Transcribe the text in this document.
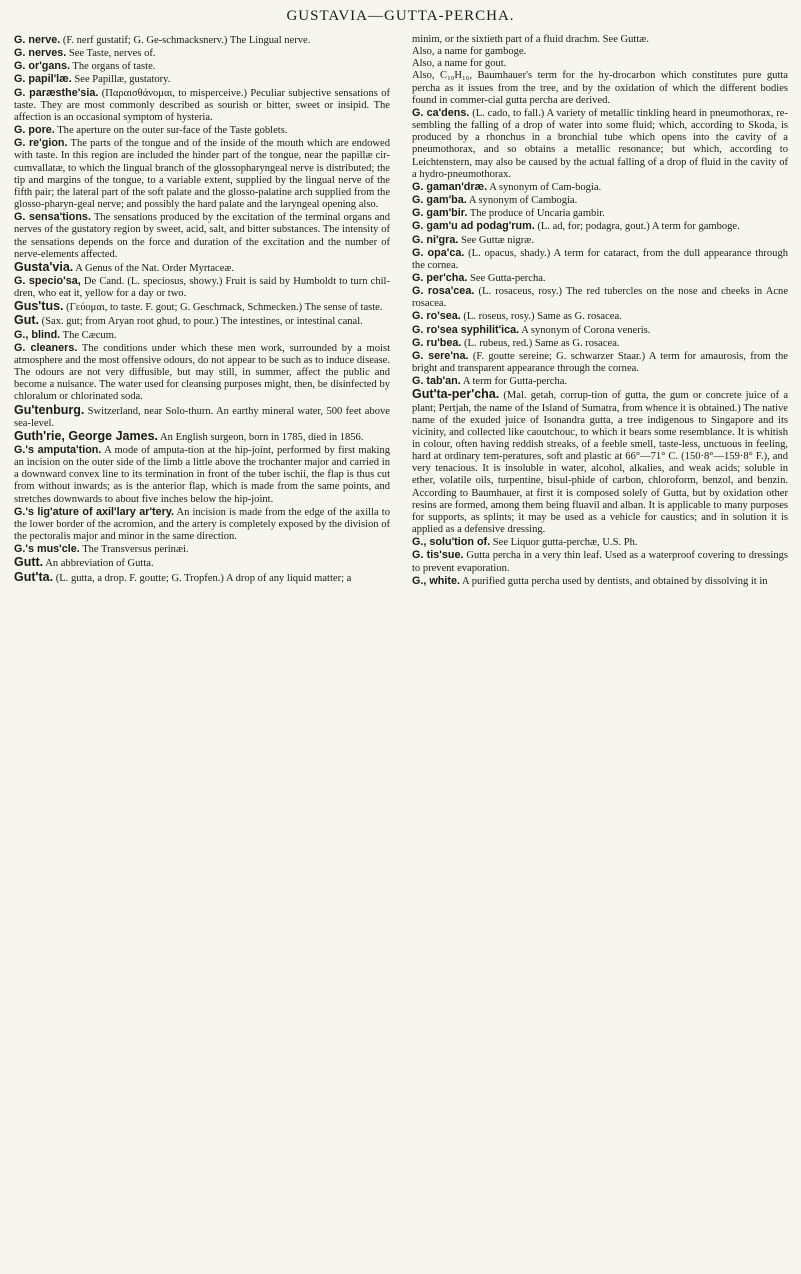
GUSTAVIA—GUTTA-PERCHA.

G. nerve. (F. nerf gustatif; G. Ge-schmacksnerv.) The Lingual nerve.

G. nerves. See Taste, nerves of.

G. or'gans. The organs of taste.

G. papil'læ. See Papillæ, gustatory.

G. paræsthe'sia. (Παραισθάνομαι, to misperceive.) Peculiar subjective sensations of taste. They are most commonly described as sourish or bitter, sweet or insipid. The affection is an occasional symptom of hysteria.

G. pore. The aperture on the outer sur-face of the Taste goblets.

G. re'gion. The parts of the tongue and of the inside of the mouth which are endowed with taste. In this region are included the hinder part of the tongue, near the papillæ cir-cumvallatæ, to which the lingual branch of the glossopharyngeal nerve is distributed; the tip and margins of the tongue, to a variable extent, supplied by the lingual nerve of the fifth pair; the lateral part of the soft palate and the glosso-palatine arch supplied from the glosso-pharyn-geal nerve; and possibly the hard palate and the laryngeal opening also.

G. sensa'tions. The sensations produced by the excitation of the terminal organs and nerves of the gustatory region by sweet, acid, salt, and bitter substances. The intensity of the sensations depends on the force and duration of the excitation and the number of nerve-elements affected.

Gusta'via. A Genus of the Nat. Order Myrtaceæ.

G. specio'sa, De Cand. (L. speciosus, showy.) Fruit is said by Humboldt to turn chil-dren, who eat it, yellow for a day or two.

Gus'tus. (Γεύομαι, to taste. F. gout; G. Geschmack, Schmecken.) The sense of taste.

Gut. (Sax. gut; from Aryan root ghud, to pour.) The intestines, or intestinal canal.

G., blind. The Cæcum.

G. cleaners. The conditions under which these men work, surrounded by a moist atmosphere and the most offensive odours, do not appear to be such as to induce disease. The odours are not very diffusible, but may still, in summer, affect the public and become a nuisance. The water used for cleansing purposes might, then, be disinfected by chloralum or chlorinated soda.

Gu'tenburg. Switzerland, near Solo-thurn. An earthy mineral water, 500 feet above sea-level.

Guth'rie, George James. An English surgeon, born in 1785, died in 1856.

G.'s amputa'tion. A mode of amputa-tion at the hip-joint, performed by first making an incision on the outer side of the limb a little above the trochanter major and carried in a downward convex line to its termination in front of the tuber ischii, the flap is thus cut from without inwards; as is the anterior flap, which is made from the same points, and stretches downwards to about five inches below the hip-joint.

G.'s lig'ature of axil'lary ar'tery. An incision is made from the edge of the axilla to the lower border of the acromion, and the artery is completely exposed by the division of the pectoralis major and minor in the same direction.

G.'s mus'cle. The Transversus perinæi.

Gutt. An abbreviation of Gutta.

Gut'ta. (L. gutta, a drop. F. goutte; G. Tropfen.) A drop of any liquid matter; a

minim, or the sixtieth part of a fluid drachm. See Guttæ.

Also, a name for gamboge.

Also, a name for gout.

Also, C₁₀H₁₆, Baumhauer's term for the hy-drocarbon which constitutes pure gutta percha as it issues from the tree, and by the oxidation of which the different bodies found in commer-cial gutta percha are derived.

G. ca'dens. (L. cado, to fall.) A variety of metallic tinkling heard in pneumothorax, re-sembling the falling of a drop of water into some fluid; which, according to Skoda, is produced by a rhonchus in a bronchial tube which opens into the cavity of a pneumothorax, and so obtains a metallic resonance; but which, according to Leichtenstern, may also be caused by the actual falling of a drop of fluid in the cavity of a hydro-pneumothorax.

G. gaman'dræ. A synonym of Cam-bogia.

G. gam'ba. A synonym of Cambogia.

G. gam'bir. The produce of Uncaria gambir.

G. gam'u ad podag'rum. (L. ad, for; podagra, gout.) A term for gamboge.

G. ni'gra. See Guttæ nigræ.

G. opa'ca. (L. opacus, shady.) A term for cataract, from the dull appearance through the cornea.

G. per'cha. See Gutta-percha.

G. rosa'cea. (L. rosaceus, rosy.) The red tubercles on the nose and cheeks in Acne rosacea.

G. ro'sea. (L. roseus, rosy.) Same as G. rosacea.

G. ro'sea syphilit'ica. A synonym of Corona veneris.

G. ru'bea. (L. rubeus, red.) Same as G. rosacea.

G. sere'na. (F. goutte sereine; G. schwarzer Staar.) A term for amaurosis, from the bright and transparent appearance through the cornea.

G. tab'an. A term for Gutta-percha.

Gut'ta-per'cha. (Mal. getah, corrup-tion of gutta, the gum or concrete juice of a plant; Pertjah, the name of the Island of Sumatra, from whence it is obtained.) The native name of the exuded juice of Isonandra gutta, a tree indigenous to Singapore and its vicinity, and collected like caoutchouc, to which it bears some resemblance. It is whitish in colour, often having reddish streaks, of a feeble smell, taste-less, unctuous in feeling, hard at ordinary tem-peratures, soft and plastic at 66°—71° C. (150·8°—159·8° F.), and very tenacious. It is insoluble in water, alcohol, alkalies, and weak acids; soluble in ether, volatile oils, turpentine, bisul-phide of carbon, chloroform, benzol, and benzin. According to Baumhauer, at first it is composed solely of Gutta, but by oxidation other resins are formed, among them being fluavil and alban. It is applicable to many purposes for supports, as splints; it may be used as a vehicle for caustics; and in solution it is applied as a defensive dressing.

G., solu'tion of. See Liquor gutta-perchæ, U.S. Ph.

G. tis'sue. Gutta percha in a very thin leaf. Used as a waterproof covering to dressings to prevent evaporation.

G., white. A purified gutta percha used by dentists, and obtained by dissolving it in
